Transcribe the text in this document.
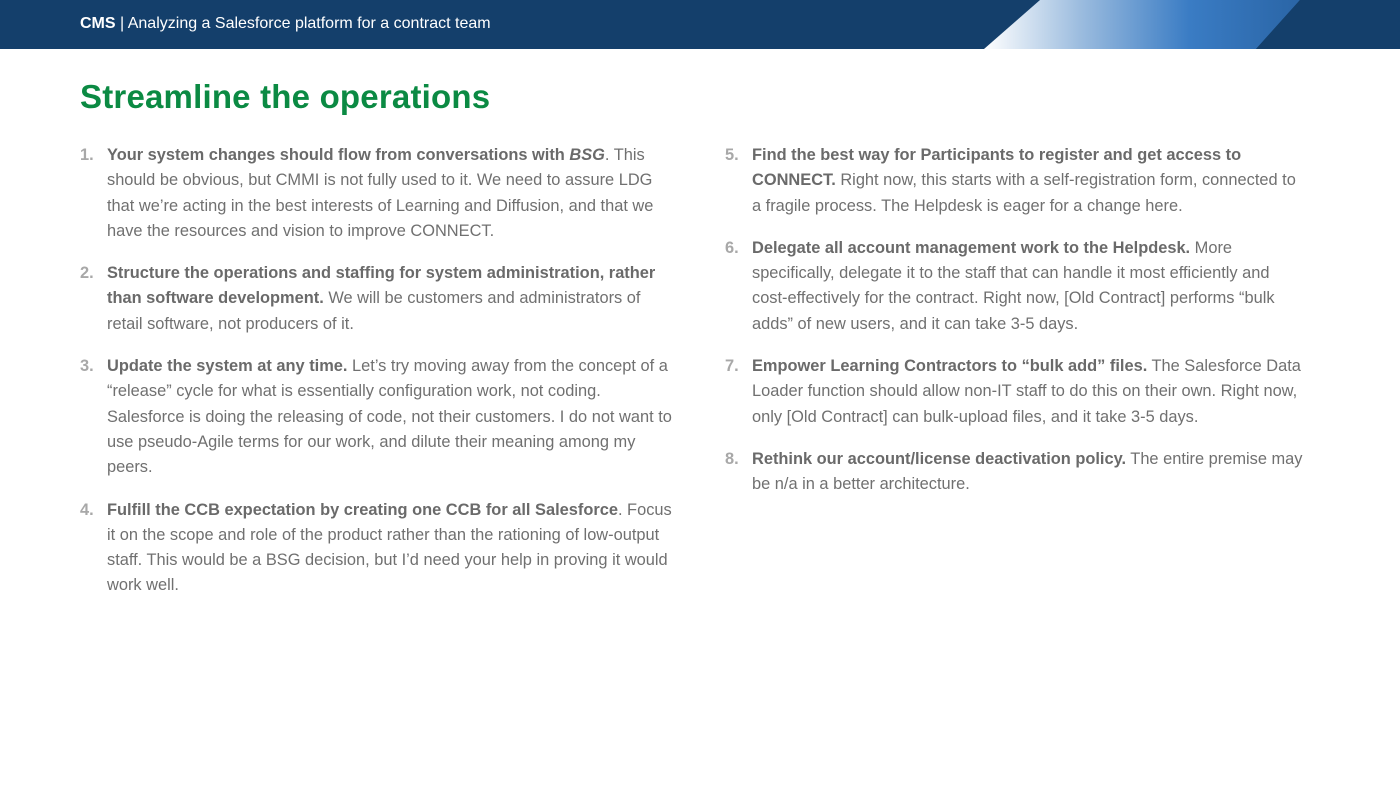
CMS | Analyzing a Salesforce platform for a contract team
Streamline the operations
1. Your system changes should flow from conversations with BSG. This should be obvious, but CMMI is not fully used to it. We need to assure LDG that we’re acting in the best interests of Learning and Diffusion, and that we have the resources and vision to improve CONNECT.
2. Structure the operations and staffing for system administration, rather than software development. We will be customers and administrators of retail software, not producers of it.
3. Update the system at any time. Let’s try moving away from the concept of a “release” cycle for what is essentially configuration work, not coding. Salesforce is doing the releasing of code, not their customers. I do not want to use pseudo-Agile terms for our work, and dilute their meaning among my peers.
4. Fulfill the CCB expectation by creating one CCB for all Salesforce. Focus it on the scope and role of the product rather than the rationing of low-output staff. This would be a BSG decision, but I’d need your help in proving it would work well.
5. Find the best way for Participants to register and get access to CONNECT. Right now, this starts with a self-registration form, connected to a fragile process. The Helpdesk is eager for a change here.
6. Delegate all account management work to the Helpdesk. More specifically, delegate it to the staff that can handle it most efficiently and cost-effectively for the contract. Right now, [Old Contract] performs “bulk adds” of new users, and it can take 3-5 days.
7. Empower Learning Contractors to “bulk add” files. The Salesforce Data Loader function should allow non-IT staff to do this on their own. Right now, only [Old Contract] can bulk-upload files, and it take 3-5 days.
8. Rethink our account/license deactivation policy. The entire premise may be n/a in a better architecture.
